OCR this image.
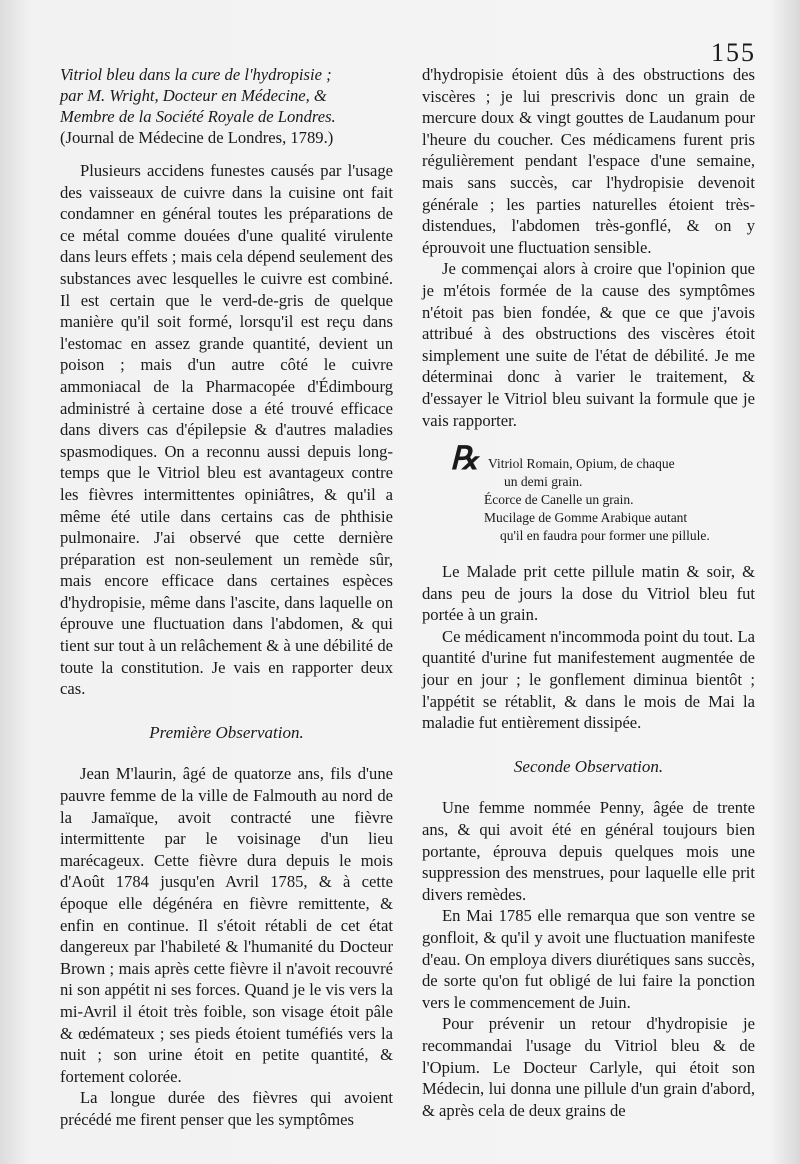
155
Vitriol bleu dans la cure de l'hydropisie ;
par M. Wright, Docteur en Médecine, &
Membre de la Société Royale de Londres.
(Journal de Médecine de Londres, 1789.)

Plusieurs accidens funestes causés par l'usage des vaisseaux de cuivre dans la cuisine ont fait condamner en général toutes les préparations de ce métal comme douées d'une qualité virulente dans leurs effets ; mais cela dépend seulement des substances avec lesquelles le cuivre est combiné. Il est certain que le verd-de-gris de quelque manière qu'il soit formé, lorsqu'il est reçu dans l'estomac en assez grande quantité, devient un poison ; mais d'un autre côté le cuivre ammoniacal de la Pharmacopée d'Édimbourg administré à certaine dose a été trouvé efficace dans divers cas d'épilepsie & d'autres maladies spasmodiques. On a reconnu aussi depuis long-temps que le Vitriol bleu est avantageux contre les fièvres intermittentes opiniâtres, & qu'il a même été utile dans certains cas de phthisie pulmonaire. J'ai observé que cette dernière préparation est non-seulement un remède sûr, mais encore efficace dans certaines espèces d'hydropisie, même dans l'ascite, dans laquelle on éprouve une fluctuation dans l'abdomen, & qui tient sur tout à un relâchement & à une débilité de toute la constitution. Je vais en rapporter deux cas.

Première Observation.

Jean M'laurin, âgé de quatorze ans, fils d'une pauvre femme de la ville de Falmouth au nord de la Jamaïque, avoit contracté une fièvre intermittente par le voisinage d'un lieu marécageux. Cette fièvre dura depuis le mois d'Août 1784 jusqu'en Avril 1785, & à cette époque elle dégénéra en fièvre remittente, & enfin en continue. Il s'étoit rétabli de cet état dangereux par l'habileté & l'humanité du Docteur Brown ; mais après cette fièvre il n'avoit recouvré ni son appétit ni ses forces. Quand je le vis vers la mi-Avril il étoit très foible, son visage étoit pâle & œdémateux ; ses pieds étoient tuméfiés vers la nuit ; son urine étoit en petite quantité, & fortement colorée.

La longue durée des fièvres qui avoient précédé me firent penser que les symptômes

d'hydropisie étoient dûs à des obstructions des viscères ; je lui prescrivis donc un grain de mercure doux & vingt gouttes de Laudanum pour l'heure du coucher. Ces médicamens furent pris régulièrement pendant l'espace d'une semaine, mais sans succès, car l'hydropisie devenoit générale ; les parties naturelles étoient très-distendues, l'abdomen très-gonflé, & on y éprouvoit une fluctuation sensible.

Je commençai alors à croire que l'opinion que je m'étois formée de la cause des symptômes n'étoit pas bien fondée, & que ce que j'avois attribué à des obstructions des viscères étoit simplement une suite de l'état de débilité. Je me déterminai donc à varier le traitement, & d'essayer le Vitriol bleu suivant la formule que je vais rapporter.

℞ Vitriol Romain, Opium, de chaque
un demi grain.
Écorce de Canelle un grain.
Mucilage de Gomme Arabique autant
qu'il en faudra pour former une pillule.

Le Malade prit cette pillule matin & soir, & dans peu de jours la dose du Vitriol bleu fut portée à un grain.

Ce médicament n'incommoda point du tout. La quantité d'urine fut manifestement augmentée de jour en jour ; le gonflement diminua bientôt ; l'appétit se rétablit, & dans le mois de Mai la maladie fut entièrement dissipée.

Seconde Observation.

Une femme nommée Penny, âgée de trente ans, & qui avoit été en général toujours bien portante, éprouva depuis quelques mois une suppression des menstrues, pour laquelle elle prit divers remèdes.

En Mai 1785 elle remarqua que son ventre se gonfloit, & qu'il y avoit une fluctuation manifeste d'eau. On employa divers diurétiques sans succès, de sorte qu'on fut obligé de lui faire la ponction vers le commencement de Juin.

Pour prévenir un retour d'hydropisie je recommandai l'usage du Vitriol bleu & de l'Opium. Le Docteur Carlyle, qui étoit son Médecin, lui donna une pillule d'un grain d'abord, & après cela de deux grains de
